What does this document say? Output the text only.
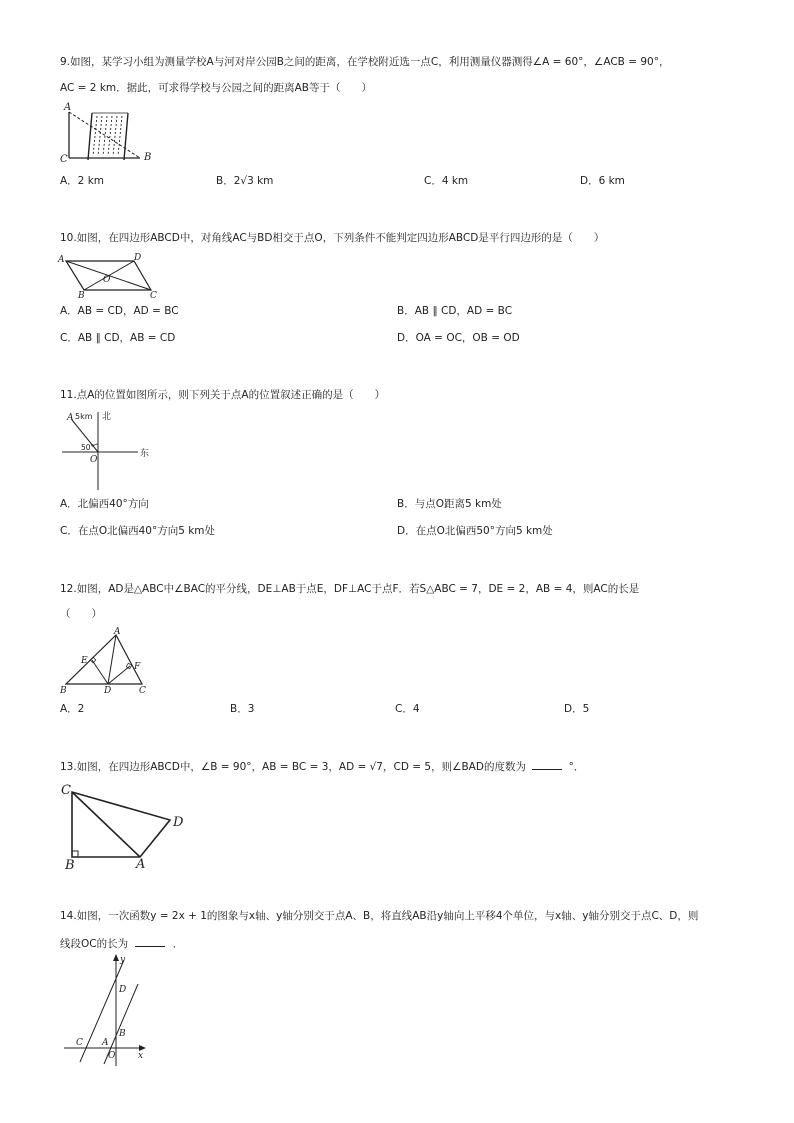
9.如图，某学习小组为测量学校A与河对岸公园B之间的距离，在学校附近选一点C，利用测量仪器测得∠A = 60°，∠ACB = 90°，
AC = 2 km．据此，可求得学校与公园之间的距离AB等于（　　）
A
C	B
A．2 km	B．2√3 km	C．4 km	D．6 km
10.如图，在四边形ABCD中，对角线AC与BD相交于点O，下列条件不能判定四边形ABCD是平行四边形的是（　　）
A	D
O
B	C
A．AB = CD，AD = BC	B．AB ∥ CD，AD = BC
C．AB ∥ CD，AB = CD	D．OA = OC，OB = OD
11.点A的位置如图所示，则下列关于点A的位置叙述正确的是（　　）
A 5km 北
东
50°
O
A．北偏西40°方向	B．与点O距离5 km处
C．在点O北偏西40°方向5 km处	D．在点O北偏西50°方向5 km处
12.如图，AD是△ABC中∠BAC的平分线，DE⊥AB于点E，DF⊥AC于点F．若S△ABC = 7，DE = 2，AB = 4，则AC的长是
（　　）
A
E
F
B	D	C
A．2	B．3	C．4	D．5
13.如图，在四边形ABCD中，∠B = 90°，AB = BC = 3，AD = √7，CD = 5，则∠BAD的度数为	°．
C
D
B	A
14.如图，一次函数y = 2x + 1的图象与x轴、y轴分别交于点A、B，将直线AB沿y轴向上平移4个单位，与x轴、y轴分别交于点C、D，则
线段OC的长为	．
y
D
B
C A
O	x
